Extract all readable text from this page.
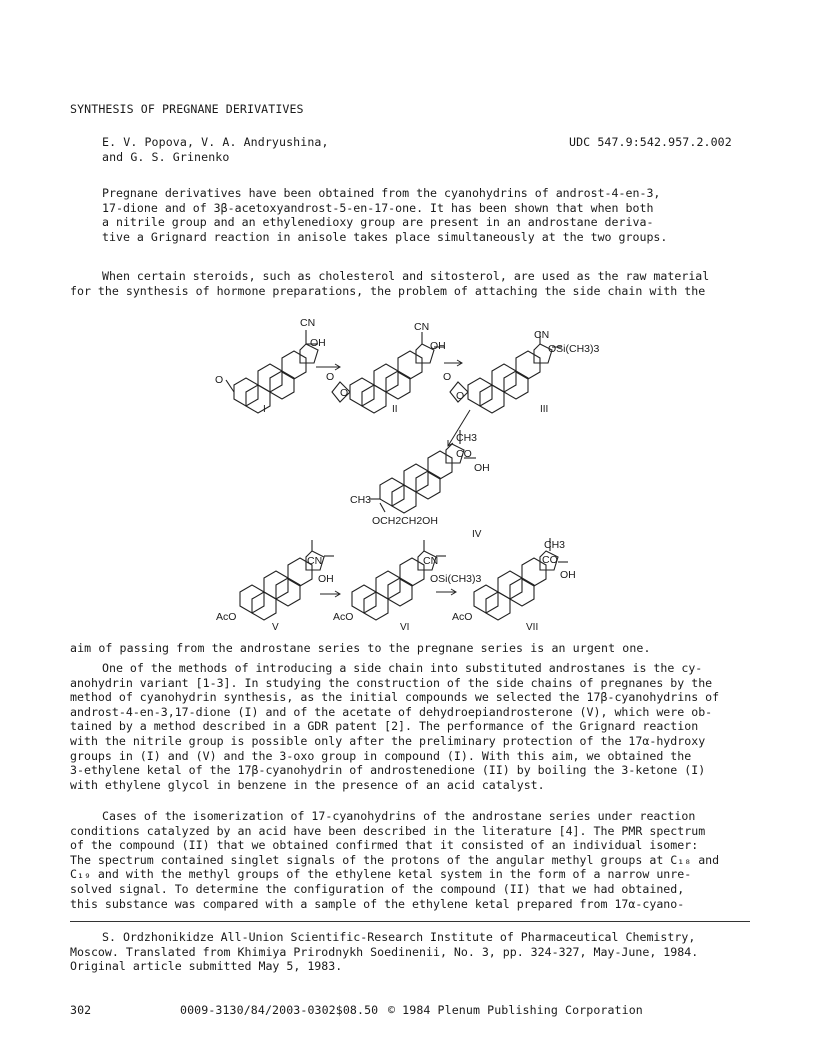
SYNTHESIS OF PREGNANE DERIVATIVES
E. V. Popova, V. A. Andryushina,
and G. S. Grinenko
UDC 547.9:542.957.2.002
Pregnane derivatives have been obtained from the cyanohydrins of androst-4-en-3,
17-dione and of 3β-acetoxyandrost-5-en-17-one. It has been shown that when both
a nitrile group and an ethylenedioxy group are present in an androstane deriva-
tive a Grignard reaction in anisole takes place simultaneously at the two groups.
When certain steroids, such as cholesterol and sitosterol, are used as the raw material
for the synthesis of hormone preparations, the problem of attaching the side chain with the
CN
OH
O
CN
OH
O
O
CN
OSi(CH3)3
O
O
CH3
CO
OH
CH3
OCH2CH2OH
CN
OH
AcO
CN
OSi(CH3)3
AcO
CH3
CO
OH
AcO
I	II	III
IV
V	VI	VII
aim of passing from the androstane series to the pregnane series is an urgent one.
One of the methods of introducing a side chain into substituted androstanes is the cy-
anohydrin variant [1-3]. In studying the construction of the side chains of pregnanes by the
method of cyanohydrin synthesis, as the initial compounds we selected the 17β-cyanohydrins of
androst-4-en-3,17-dione (I) and of the acetate of dehydroepiandrosterone (V), which were ob-
tained by a method described in a GDR patent [2]. The performance of the Grignard reaction
with the nitrile group is possible only after the preliminary protection of the 17α-hydroxy
groups in (I) and (V) and the 3-oxo group in compound (I). With this aim, we obtained the
3-ethylene ketal of the 17β-cyanohydrin of androstenedione (II) by boiling the 3-ketone (I)
with ethylene glycol in benzene in the presence of an acid catalyst.
Cases of the isomerization of 17-cyanohydrins of the androstane series under reaction
conditions catalyzed by an acid have been described in the literature [4]. The PMR spectrum
of the compound (II) that we obtained confirmed that it consisted of an individual isomer:
The spectrum contained singlet signals of the protons of the angular methyl groups at C₁₈ and
C₁₉ and with the methyl groups of the ethylene ketal system in the form of a narrow unre-
solved signal. To determine the configuration of the compound (II) that we had obtained,
this substance was compared with a sample of the ethylene ketal prepared from 17α-cyano-
S. Ordzhonikidze All-Union Scientific-Research Institute of Pharmaceutical Chemistry,
Moscow. Translated from Khimiya Prirodnykh Soedinenii, No. 3, pp. 324-327, May-June, 1984.
Original article submitted May 5, 1983.
302	0009-3130/84/2003-0302$08.50 © 1984 Plenum Publishing Corporation
